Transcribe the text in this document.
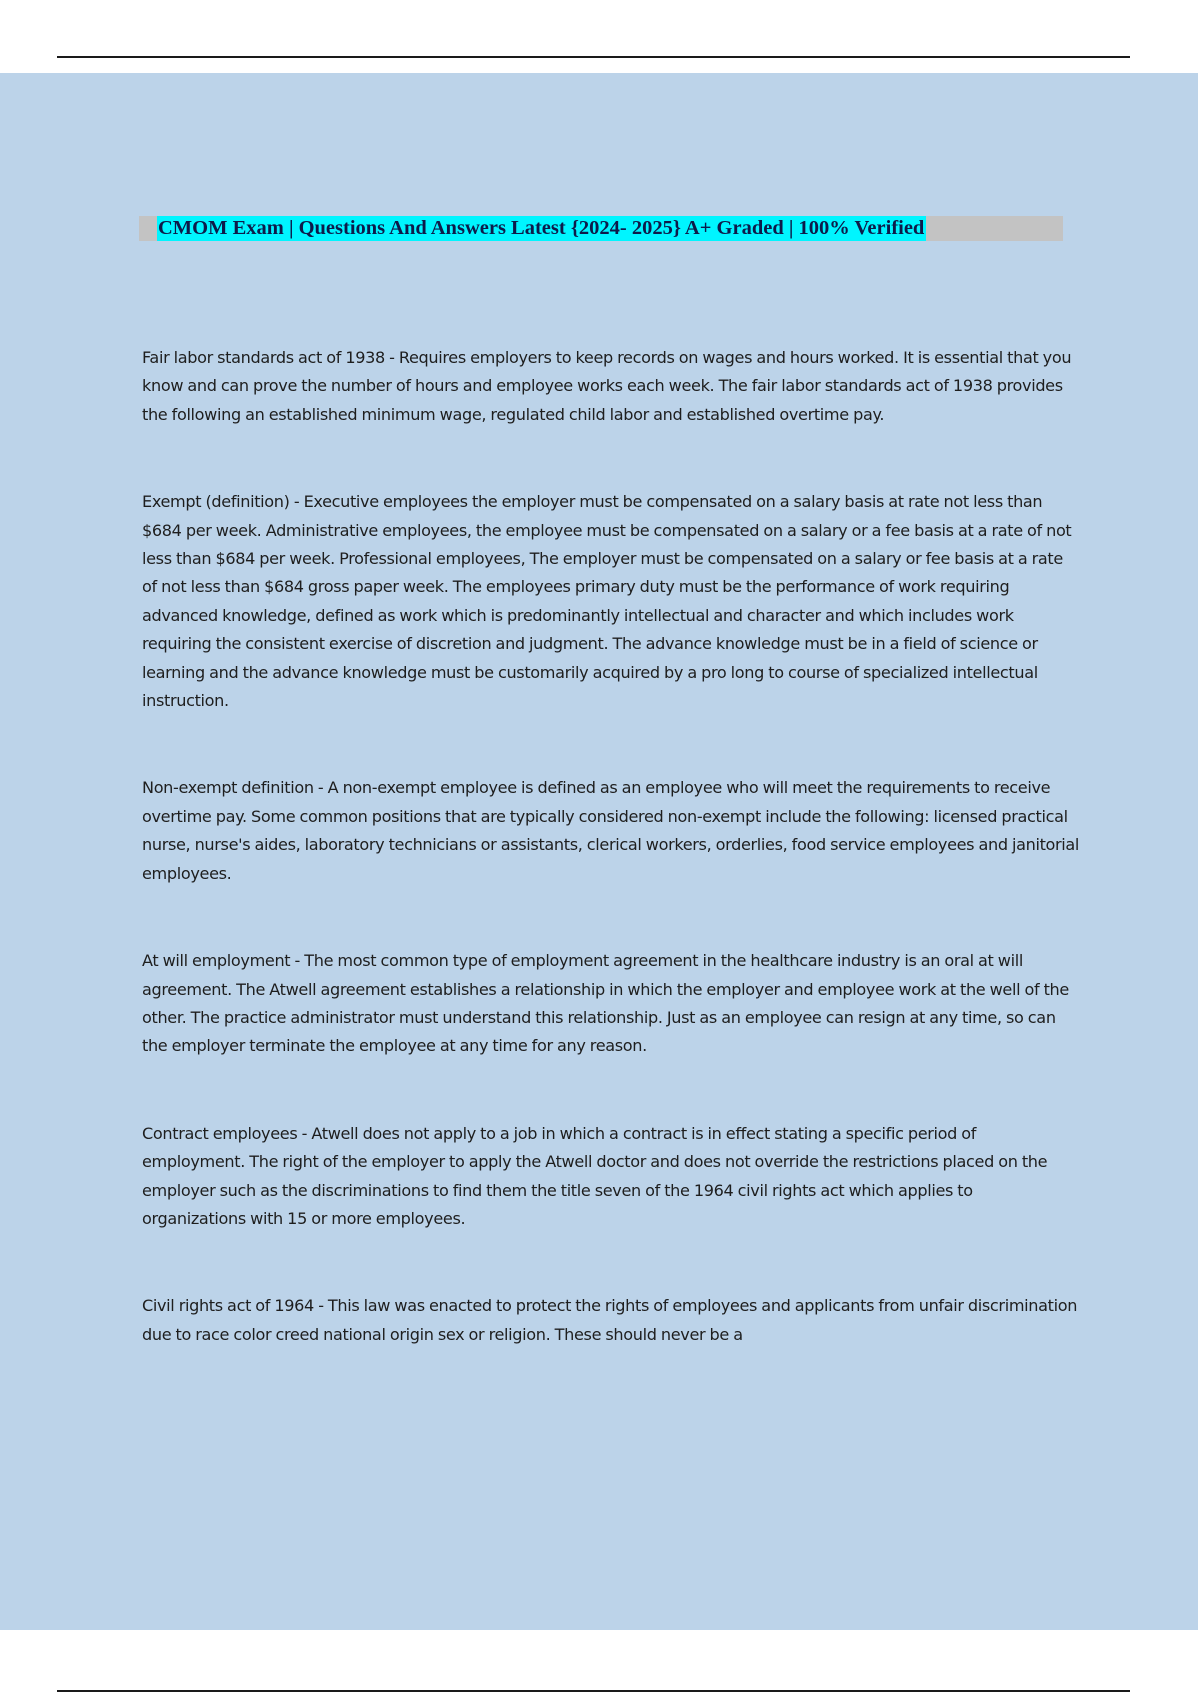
CMOM Exam | Questions And Answers Latest {2024- 2025} A+ Graded | 100% Verified

Fair labor standards act of 1938 - Requires employers to keep records on wages and hours worked. It is essential that you know and can prove the number of hours and employee works each week. The fair labor standards act of 1938 provides the following an established minimum wage, regulated child labor and established overtime pay.

Exempt (definition) - Executive employees the employer must be compensated on a salary basis at rate not less than $684 per week. Administrative employees, the employee must be compensated on a salary or a fee basis at a rate of not less than $684 per week. Professional employees, The employer must be compensated on a salary or fee basis at a rate of not less than $684 gross paper week. The employees primary duty must be the performance of work requiring advanced knowledge, defined as work which is predominantly intellectual and character and which includes work requiring the consistent exercise of discretion and judgment. The advance knowledge must be in a field of science or learning and the advance knowledge must be customarily acquired by a pro long to course of specialized intellectual instruction.

Non-exempt definition - A non-exempt employee is defined as an employee who will meet the requirements to receive overtime pay. Some common positions that are typically considered non-exempt include the following: licensed practical nurse, nurse's aides, laboratory technicians or assistants, clerical workers, orderlies, food service employees and janitorial employees.

At will employment - The most common type of employment agreement in the healthcare industry is an oral at will agreement. The Atwell agreement establishes a relationship in which the employer and employee work at the well of the other. The practice administrator must understand this relationship. Just as an employee can resign at any time, so can the employer terminate the employee at any time for any reason.

Contract employees - Atwell does not apply to a job in which a contract is in effect stating a specific period of employment. The right of the employer to apply the Atwell doctor and does not override the restrictions placed on the employer such as the discriminations to find them the title seven of the 1964 civil rights act which applies to organizations with 15 or more employees.

Civil rights act of 1964 - This law was enacted to protect the rights of employees and applicants from unfair discrimination due to race color creed national origin sex or religion. These should never be a
